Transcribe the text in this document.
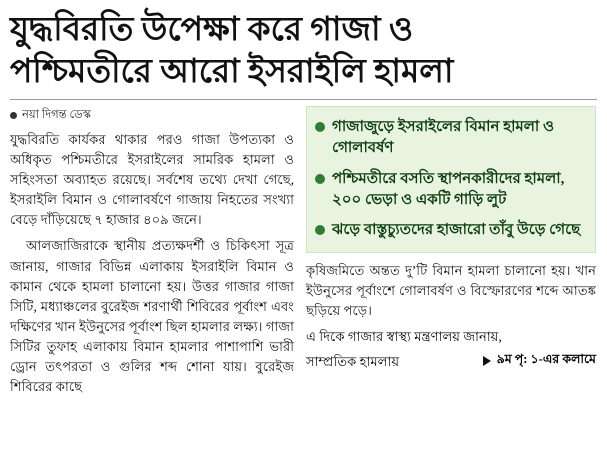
যুদ্ধবিরতি উপেক্ষা করে গাজা ও
পশ্চিমতীরে আরো ইসরাইলি হামলা
নয়া দিগন্ত ডেস্ক

যুদ্ধবিরতি কার্যকর থাকার পরও গাজা উপত্যকা ও অধিকৃত পশ্চিমতীরে ইসরাইলের সামরিক হামলা ও সহিংসতা অব্যাহত রয়েছে। সর্বশেষ তথ্যে দেখা গেছে, ইসরাইলি বিমান ও গোলাবর্ষণে গাজায় নিহতের সংখ্যা বেড়ে দাঁড়িয়েছে ৭ হাজার ৪০৯ জনে।

আলজাজিরাকে স্থানীয় প্রত্যক্ষদর্শী ও চিকিৎসা সূত্র জানায়, গাজার বিভিন্ন এলাকায় ইসরাইলি বিমান ও কামান থেকে হামলা চালানো হয়। উত্তর গাজার গাজা সিটি, মধ্যাঞ্চলের বুরেইজ শরণার্থী শিবিরের পূর্বাংশ এবং দক্ষিণের খান ইউনুসের পূর্বাংশ ছিল হামলার লক্ষ্য। গাজা সিটির তুফাহ এলাকায় বিমান হামলার পাশাপাশি ভারী ড্রোন তৎপরতা ও গুলির শব্দ শোনা যায়। বুরেইজ শিবিরের কাছে

গাজাজুড়ে ইসরাইলের বিমান হামলা ও গোলাবর্ষণ
পশ্চিমতীরে বসতি স্থাপনকারীদের হামলা, ২০০ ভেড়া ও একটি গাড়ি লুট
ঝড়ে বাস্তুচ্যুতদের হাজারো তাঁবু উড়ে গেছে

কৃষিজমিতে অন্তত দু’টি বিমান হামলা চালানো হয়। খান ইউনুসের পূর্বাংশে গোলাবর্ষণ ও বিস্ফোরণের শব্দে আতঙ্ক ছড়িয়ে পড়ে।

এ দিকে গাজার স্বাস্থ্য মন্ত্রণালয় জানায়,
সাম্প্রতিক হামলায়	৯ম পৃ: ১-এর কলামে
